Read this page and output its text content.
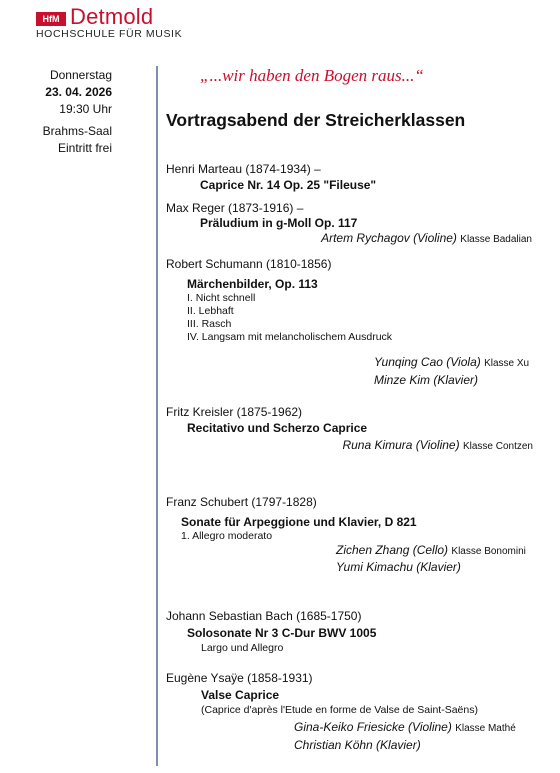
HfM Detmold
HOCHSCHULE FÜR MUSIK
Donnerstag
23. 04. 2026
19:30 Uhr
Brahms-Saal
Eintritt frei
„...wir haben den Bogen raus...“
Vortragsabend der Streicherklassen
Henri Marteau (1874-1934) –
Caprice Nr. 14 Op. 25 "Fileuse"
Max Reger (1873-1916) –
Präludium in g-Moll Op. 117
Artem Rychagov (Violine) Klasse Badalian
Robert Schumann (1810-1856)
Märchenbilder, Op. 113
I. Nicht schnell
II. Lebhaft
III. Rasch
IV. Langsam mit melancholischem Ausdruck
Yunqing Cao (Viola) Klasse Xu
Minze Kim (Klavier)
Fritz Kreisler (1875-1962)
Recitativo und Scherzo Caprice
Runa Kimura (Violine) Klasse Contzen
Franz Schubert (1797-1828)
Sonate für Arpeggione und Klavier, D 821
1. Allegro moderato
Zichen Zhang (Cello) Klasse Bonomini
Yumi Kimachu (Klavier)
Johann Sebastian Bach (1685-1750)
Solosonate Nr 3 C-Dur BWV 1005
Largo und Allegro
Eugène Ysaÿe (1858-1931)
Valse Caprice
(Caprice d'après l'Etude en forme de Valse de Saint-Saëns)
Gina-Keiko Friesicke (Violine) Klasse Mathé
Christian Köhn (Klavier)
